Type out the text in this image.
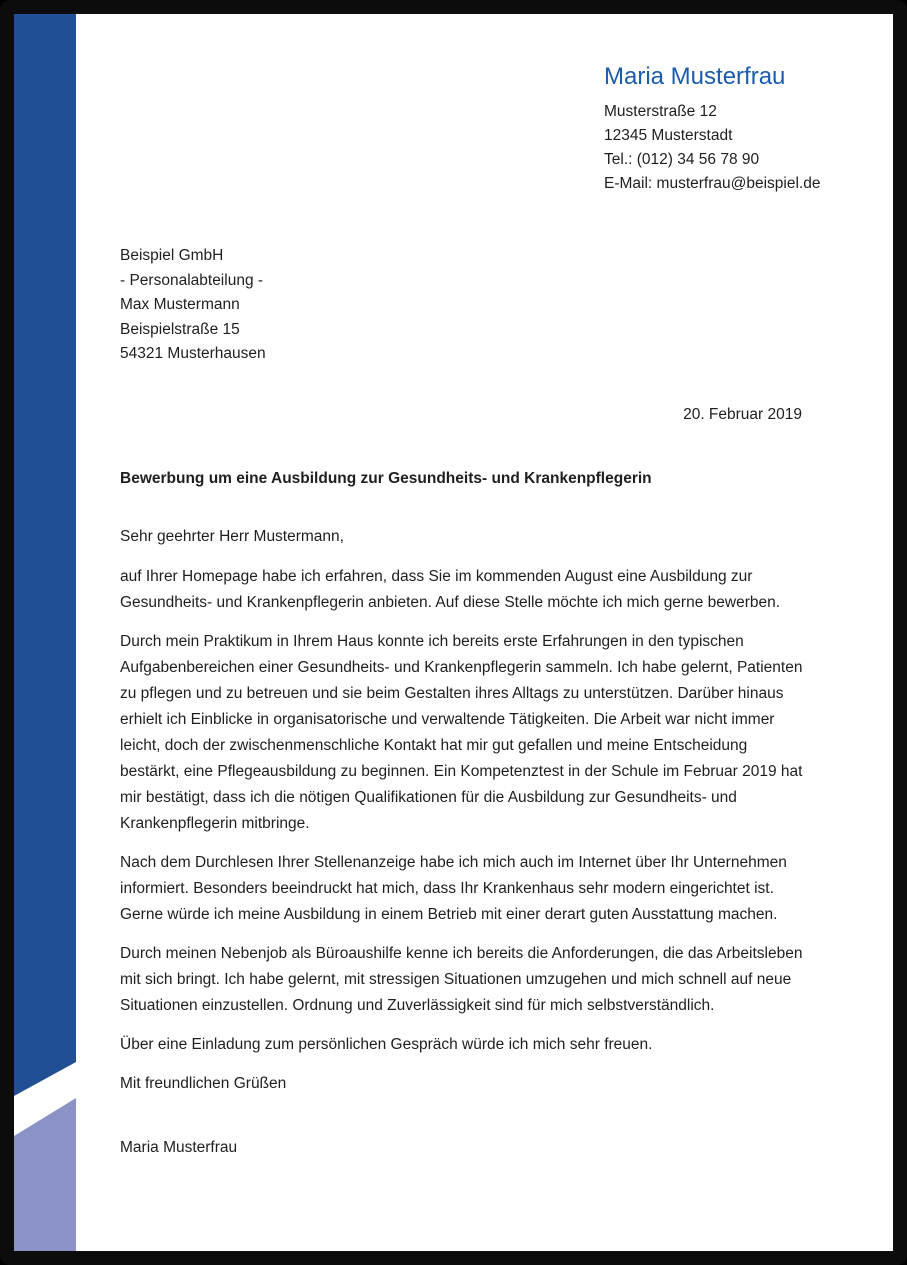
Maria Musterfrau
Musterstraße 12
12345 Musterstadt
Tel.: (012) 34 56 78 90
E-Mail: musterfrau@beispiel.de
Beispiel GmbH
- Personalabteilung -
Max Mustermann
Beispielstraße 15
54321 Musterhausen
20. Februar 2019

Bewerbung um eine Ausbildung zur Gesundheits- und Krankenpflegerin

Sehr geehrter Herr Mustermann,

auf Ihrer Homepage habe ich erfahren, dass Sie im kommenden August eine Ausbildung zur Gesundheits- und Krankenpflegerin anbieten. Auf diese Stelle möchte ich mich gerne bewerben.

Durch mein Praktikum in Ihrem Haus konnte ich bereits erste Erfahrungen in den typischen Aufgabenbereichen einer Gesundheits- und Krankenpflegerin sammeln. Ich habe gelernt, Patienten zu pflegen und zu betreuen und sie beim Gestalten ihres Alltags zu unterstützen. Darüber hinaus erhielt ich Einblicke in organisatorische und verwaltende Tätigkeiten. Die Arbeit war nicht immer leicht, doch der zwischenmenschliche Kontakt hat mir gut gefallen und meine Entscheidung bestärkt, eine Pflegeausbildung zu beginnen. Ein Kompetenztest in der Schule im Februar 2019 hat mir bestätigt, dass ich die nötigen Qualifikationen für die Ausbildung zur Gesundheits- und Krankenpflegerin mitbringe.

Nach dem Durchlesen Ihrer Stellenanzeige habe ich mich auch im Internet über Ihr Unternehmen informiert. Besonders beeindruckt hat mich, dass Ihr Krankenhaus sehr modern eingerichtet ist. Gerne würde ich meine Ausbildung in einem Betrieb mit einer derart guten Ausstattung machen.

Durch meinen Nebenjob als Büroaushilfe kenne ich bereits die Anforderungen, die das Arbeitsleben mit sich bringt. Ich habe gelernt, mit stressigen Situationen umzugehen und mich schnell auf neue Situationen einzustellen. Ordnung und Zuverlässigkeit sind für mich selbstverständlich.

Über eine Einladung zum persönlichen Gespräch würde ich mich sehr freuen.

Mit freundlichen Grüßen

Maria Musterfrau
